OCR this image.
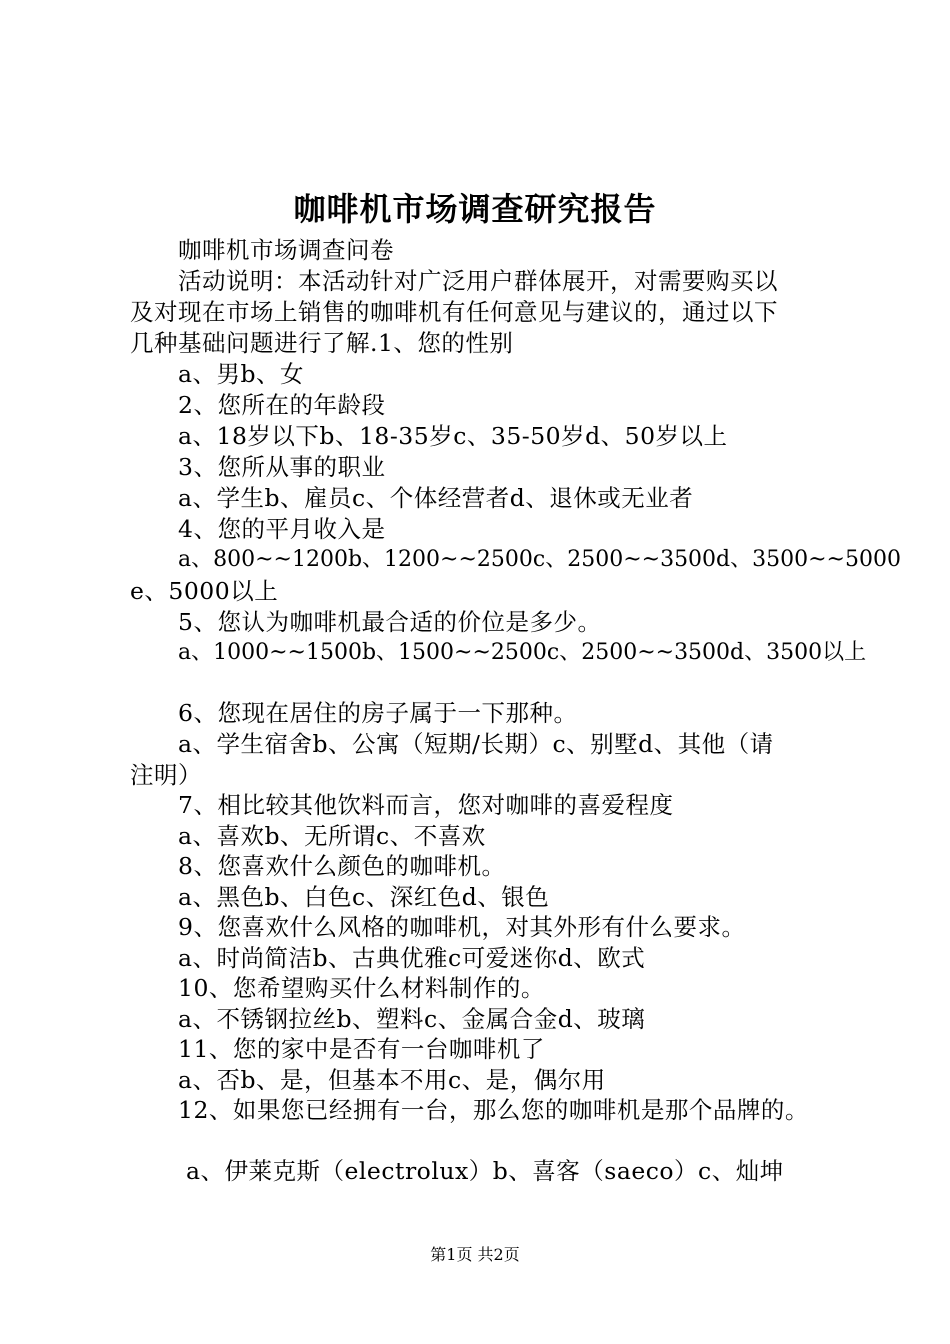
咖啡机市场调查研究报告
咖啡机市场调查问卷
活动说明：本活动针对广泛用户群体展开，对需要购买以
及对现在市场上销售的咖啡机有任何意见与建议的，通过以下
几种基础问题进行了解.1、您的性别
a、男b、女
2、您所在的年龄段
a、18岁以下b、18-35岁c、35-50岁d、50岁以上
3、您所从事的职业
a、学生b、雇员c、个体经营者d、退休或无业者
4、您的平月收入是
a、800~~1200b、1200~~2500c、2500~~3500d、3500~~5000
e、5000以上
5、您认为咖啡机最合适的价位是多少。
a、1000~~1500b、1500~~2500c、2500~~3500d、3500以上
6、您现在居住的房子属于一下那种。
a、学生宿舍b、公寓（短期/长期）c、别墅d、其他（请
注明）
7、相比较其他饮料而言，您对咖啡的喜爱程度
a、喜欢b、无所谓c、不喜欢
8、您喜欢什么颜色的咖啡机。
a、黑色b、白色c、深红色d、银色
9、您喜欢什么风格的咖啡机，对其外形有什么要求。
a、时尚简洁b、古典优雅c可爱迷你d、欧式
10、您希望购买什么材料制作的。
a、不锈钢拉丝b、塑料c、金属合金d、玻璃
11、您的家中是否有一台咖啡机了
a、否b、是，但基本不用c、是，偶尔用
12、如果您已经拥有一台，那么您的咖啡机是那个品牌的。
a、伊莱克斯（electrolux）b、喜客（saeco）c、灿坤
第1页 共2页
